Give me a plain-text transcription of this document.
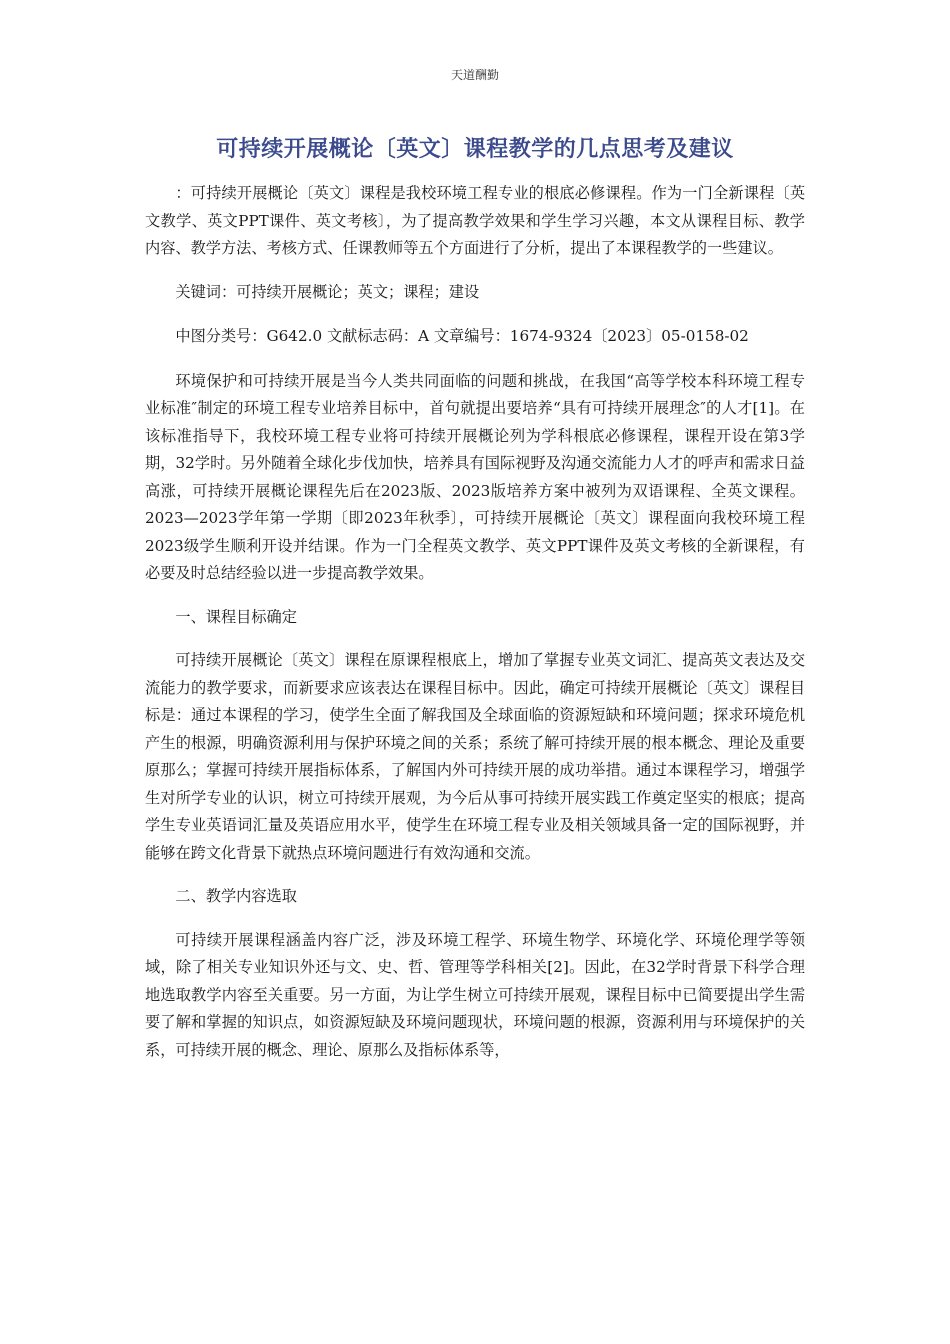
天道酬勤
可持续开展概论〔英文〕课程教学的几点思考及建议

：可持续开展概论〔英文〕课程是我校环境工程专业的根底必修课程。作为一门全新课程〔英文教学、英文PPT课件、英文考核〕，为了提高教学效果和学生学习兴趣，本文从课程目标、教学内容、教学方法、考核方式、任课教师等五个方面进行了分析，提出了本课程教学的一些建议。

关键词：可持续开展概论；英文；课程；建设

中图分类号：G642.0 文献标志码：A 文章编号：1674-9324〔2023〕05-0158-02

环境保护和可持续开展是当今人类共同面临的问题和挑战，在我国“高等学校本科环境工程专业标准″制定的环境工程专业培养目标中，首句就提出要培养“具有可持续开展理念″的人才[1]。在该标准指导下，我校环境工程专业将可持续开展概论列为学科根底必修课程，课程开设在第3学期，32学时。另外随着全球化步伐加快，培养具有国际视野及沟通交流能力人才的呼声和需求日益高涨，可持续开展概论课程先后在2023版、2023版培养方案中被列为双语课程、全英文课程。2023—2023学年第一学期〔即2023年秋季〕，可持续开展概论〔英文〕课程面向我校环境工程2023级学生顺利开设并结课。作为一门全程英文教学、英文PPT课件及英文考核的全新课程，有必要及时总结经验以进一步提高教学效果。

一、课程目标确定

可持续开展概论〔英文〕课程在原课程根底上，增加了掌握专业英文词汇、提高英文表达及交流能力的教学要求，而新要求应该表达在课程目标中。因此，确定可持续开展概论〔英文〕课程目标是：通过本课程的学习，使学生全面了解我国及全球面临的资源短缺和环境问题；探求环境危机产生的根源，明确资源利用与保护环境之间的关系；系统了解可持续开展的根本概念、理论及重要原那么；掌握可持续开展指标体系，了解国内外可持续开展的成功举措。通过本课程学习，增强学生对所学专业的认识，树立可持续开展观，为今后从事可持续开展实践工作奠定坚实的根底；提高学生专业英语词汇量及英语应用水平，使学生在环境工程专业及相关领域具备一定的国际视野，并能够在跨文化背景下就热点环境问题进行有效沟通和交流。

二、教学内容选取

可持续开展课程涵盖内容广泛，涉及环境工程学、环境生物学、环境化学、环境伦理学等领域，除了相关专业知识外还与文、史、哲、管理等学科相关[2]。因此，在32学时背景下科学合理地选取教学内容至关重要。另一方面，为让学生树立可持续开展观，课程目标中已简要提出学生需要了解和掌握的知识点，如资源短缺及环境问题现状，环境问题的根源，资源利用与环境保护的关系，可持续开展的概念、理论、原那么及指标体系等，
